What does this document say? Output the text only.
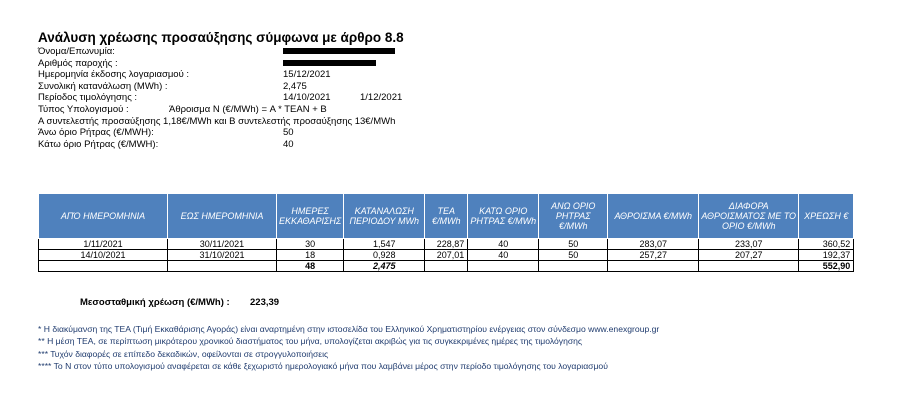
Ανάλυση χρέωσης προσαύξησης σύμφωνα με άρθρο 8.8
Όνομα/Επωνυμία:
Αριθμός παροχής :
Ημερομηνία έκδοσης λογαριασμού :	15/12/2021
Συνολική κατανάλωση (MWh) :	2,475
Περίοδος τιμολόγησης :	14/10/2021	1/12/2021
Τύπος Υπολογισμού :	Άθροισμα Ν (€/MWh) = A * TEAN + B
Α συντελεστής προσαύξησης 1,18€/MWh και Β συντελεστής προσαύξησης 13€/MWh
Άνω όριο Ρήτρας (€/MWH):	50
Κάτω όριο Ρήτρας (€/MWH):	40
ΑΠΌ ΗΜΕΡΟΜΗΝΙΑ	ΕΩΣ ΗΜΕΡΟΜΗΝΙΑ	ΗΜΕΡΕΣ ΕΚΚΑΘΑΡΙΣΗΣ	ΚΑΤΑΝΑΛΩΣΗ ΠΕΡΙΟΔΟΥ MWh	ΤΕΑ €/MWh	ΚΑΤΩ ΟΡΙΟ ΡΗΤΡΑΣ €/MWh	ΑΝΩ ΟΡΙΟ ΡΗΤΡΑΣ €/MWh	ΑΘΡΟΙΣΜΑ €/MWh	ΔΙΑΦΟΡΑ ΑΘΡΟΙΣΜΑΤΟΣ ΜΕ ΤΟ ΟΡΙΟ €/MWh	ΧΡΕΩΣΗ €
1/11/2021	30/11/2021	30	1,547	228,87	40	50	283,07	233,07	360,52
14/10/2021	31/10/2021	18	0,928	207,01	40	50	257,27	207,27	192,37
		48	2,475						552,90
Μεσοσταθμική χρέωση (€/MWh) : 223,39
* Η διακύμανση της ΤΕΑ (Τιμή Εκκαθάρισης Αγοράς) είναι αναρτημένη στην ιστοσελίδα του Ελληνικού Χρηματιστηρίου ενέργειας στον σύνδεσμο www.enexgroup.gr
** Η μέση ΤΕΑ, σε περίπτωση μικρότερου χρονικού διαστήματος του μήνα, υπολογίζεται ακριβώς για τις συγκεκριμένες ημέρες της τιμολόγησης
*** Τυχόν διαφορές σε επίπεδο δεκαδικών, οφείλονται σε στρογγυλοποιήσεις
**** Το Ν στον τύπο υπολογισμού αναφέρεται σε κάθε ξεχωριστό ημερολογιακό μήνα που λαμβάνει μέρος στην περίοδο τιμολόγησης του λογαριασμού
